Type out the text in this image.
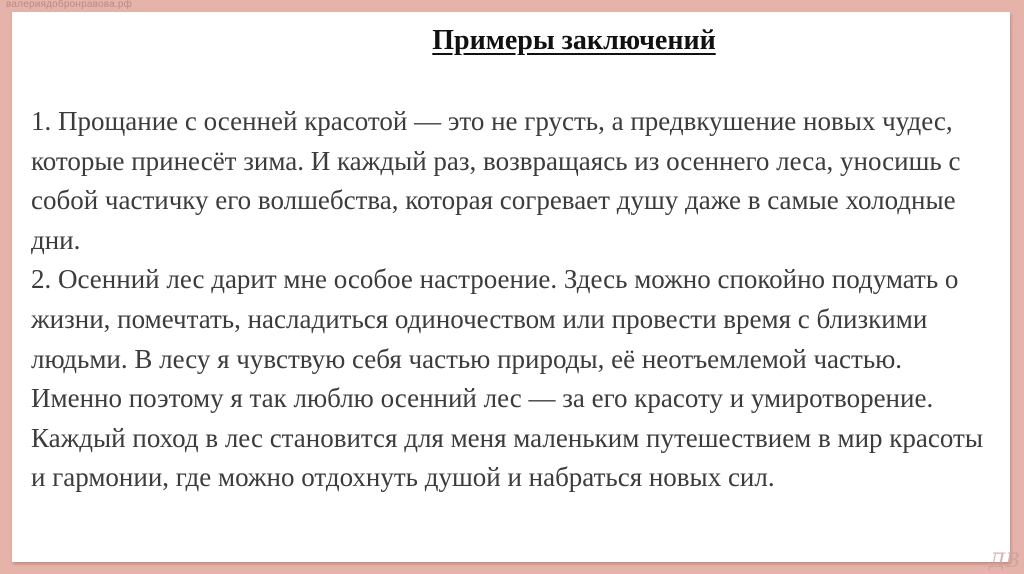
валериядобронравова.рф
Примеры заключений

1. Прощание с осенней красотой — это не грусть, а предвкушение новых чудес, которые принесёт зима. И каждый раз, возвращаясь из осеннего леса, уносишь с собой частичку его волшебства, которая согревает душу даже в самые холодные дни.

2. Осенний лес дарит мне особое настроение. Здесь можно спокойно подумать о жизни, помечтать, насладиться одиночеством или провести время с близкими людьми. В лесу я чувствую себя частью природы, её неотъемлемой частью. Именно поэтому я так люблю осенний лес — за его красоту и умиротворение. Каждый поход в лес становится для меня маленьким путешествием в мир красоты и гармонии, где можно отдохнуть душой и набраться новых сил.

ДВ
